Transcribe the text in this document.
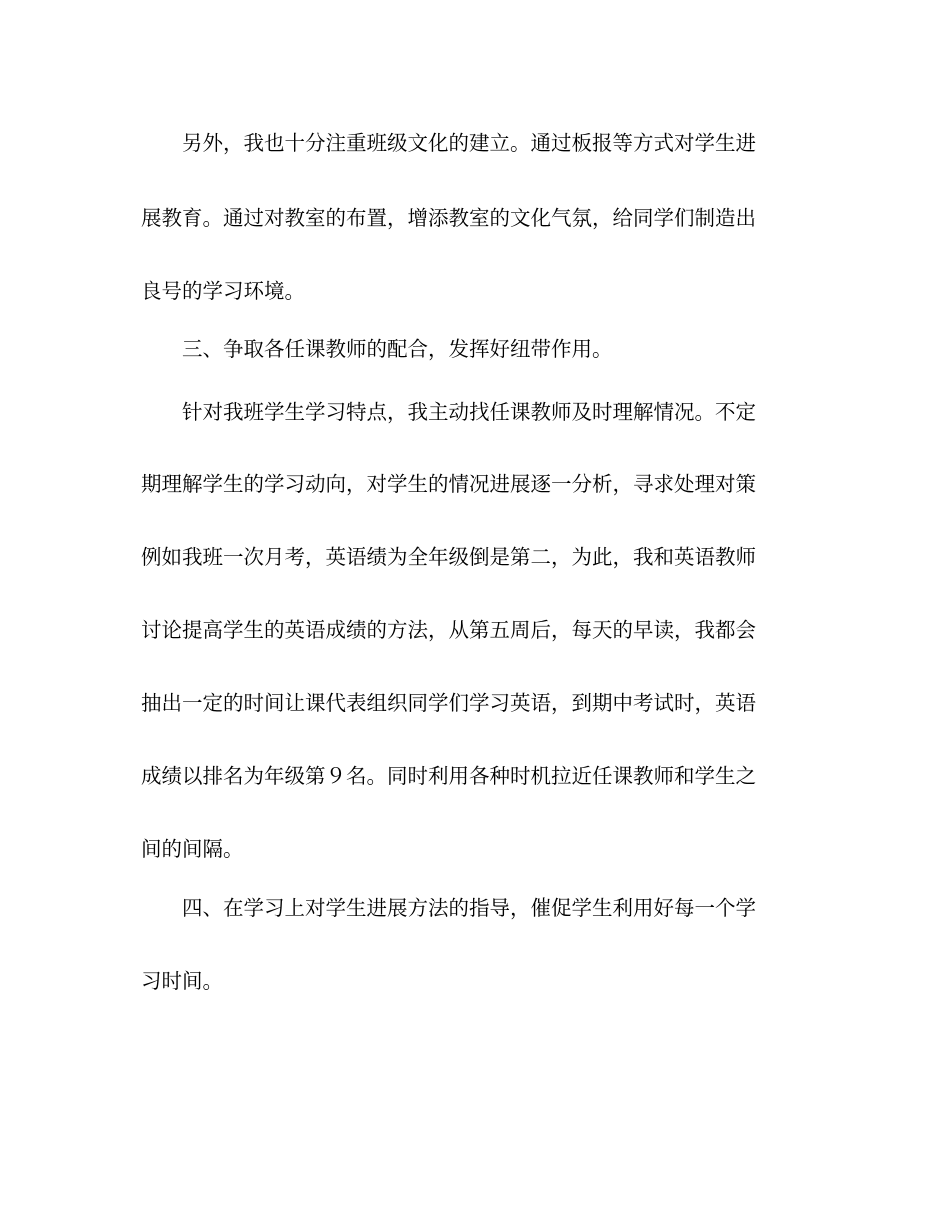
另外，我也十分注重班级文化的建立。通过板报等方式对学生进
展教育。通过对教室的布置，增添教室的文化气氛，给同学们制造出
良号的学习环境。
三、争取各任课教师的配合，发挥好纽带作用。
针对我班学生学习特点，我主动找任课教师及时理解情况。不定
期理解学生的学习动向，对学生的情况进展逐一分析，寻求处理对策
例如我班一次月考，英语绩为全年级倒是第二，为此，我和英语教师
讨论提高学生的英语成绩的方法，从第五周后，每天的早读，我都会
抽出一定的时间让课代表组织同学们学习英语，到期中考试时，英语
成绩以排名为年级第９名。同时利用各种时机拉近任课教师和学生之
间的间隔。
四、在学习上对学生进展方法的指导，催促学生利用好每一个学
习时间。
